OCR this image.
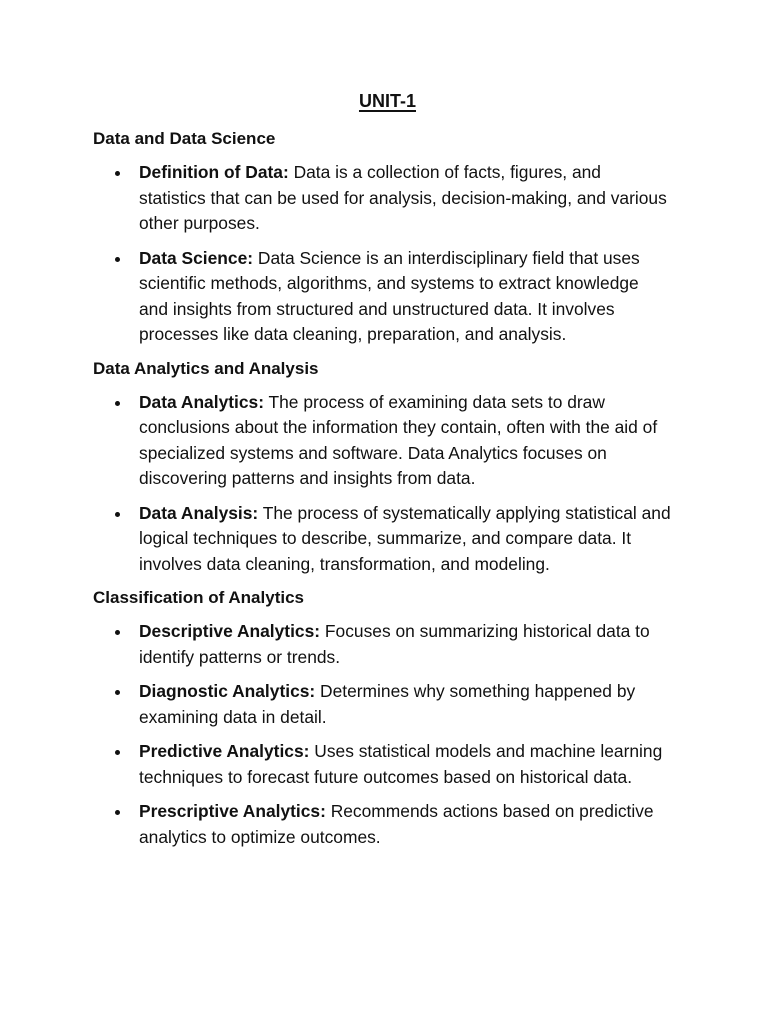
UNIT-1
Data and Data Science
Definition of Data: Data is a collection of facts, figures, and statistics that can be used for analysis, decision-making, and various other purposes.
Data Science: Data Science is an interdisciplinary field that uses scientific methods, algorithms, and systems to extract knowledge and insights from structured and unstructured data. It involves processes like data cleaning, preparation, and analysis.
Data Analytics and Analysis
Data Analytics: The process of examining data sets to draw conclusions about the information they contain, often with the aid of specialized systems and software. Data Analytics focuses on discovering patterns and insights from data.
Data Analysis: The process of systematically applying statistical and logical techniques to describe, summarize, and compare data. It involves data cleaning, transformation, and modeling.
Classification of Analytics
Descriptive Analytics: Focuses on summarizing historical data to identify patterns or trends.
Diagnostic Analytics: Determines why something happened by examining data in detail.
Predictive Analytics: Uses statistical models and machine learning techniques to forecast future outcomes based on historical data.
Prescriptive Analytics: Recommends actions based on predictive analytics to optimize outcomes.
